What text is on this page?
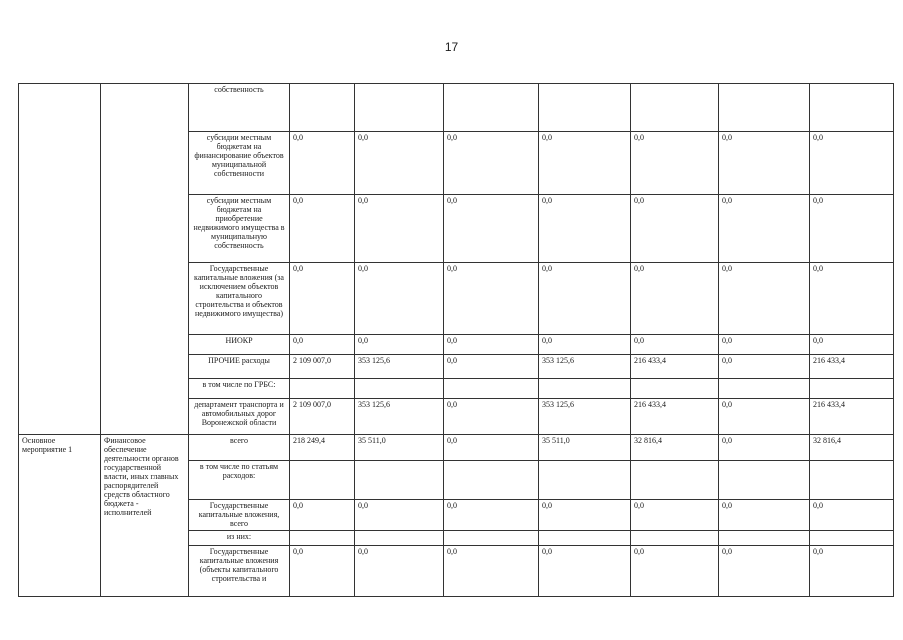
17
		собственность							
		субсидии местным бюджетам на финансирование объектов муниципальной собственности	0,0	0,0	0,0	0,0	0,0	0,0	0,0
		субсидии местным бюджетам на приобретение недвижимого имущества в муниципальную собственность	0,0	0,0	0,0	0,0	0,0	0,0	0,0
		Государственные капитальные вложения (за исключением объектов капитального строительства и объектов недвижимого имущества)	0,0	0,0	0,0	0,0	0,0	0,0	0,0
		НИОКР	0,0	0,0	0,0	0,0	0,0	0,0	0,0
		ПРОЧИЕ расходы	2 109 007,0	353 125,6	0,0	353 125,6	216 433,4	0,0	216 433,4
		в том числе по ГРБС:							
		департамент транспорта и автомобильных дорог Воронежской области	2 109 007,0	353 125,6	0,0	353 125,6	216 433,4	0,0	216 433,4
Основное мероприятие 1	Финансовое обеспечение деятельности органов государственной власти, иных главных распорядителей средств областного бюджета - исполнителей	всего	218 249,4	35 511,0	0,0	35 511,0	32 816,4	0,0	32 816,4
		в том числе по статьям расходов:							
		Государственные капитальные вложения, всего	0,0	0,0	0,0	0,0	0,0	0,0	0,0
		из них:							
		Государственные капитальные вложения (объекты капитального строительства и	0,0	0,0	0,0	0,0	0,0	0,0	0,0
